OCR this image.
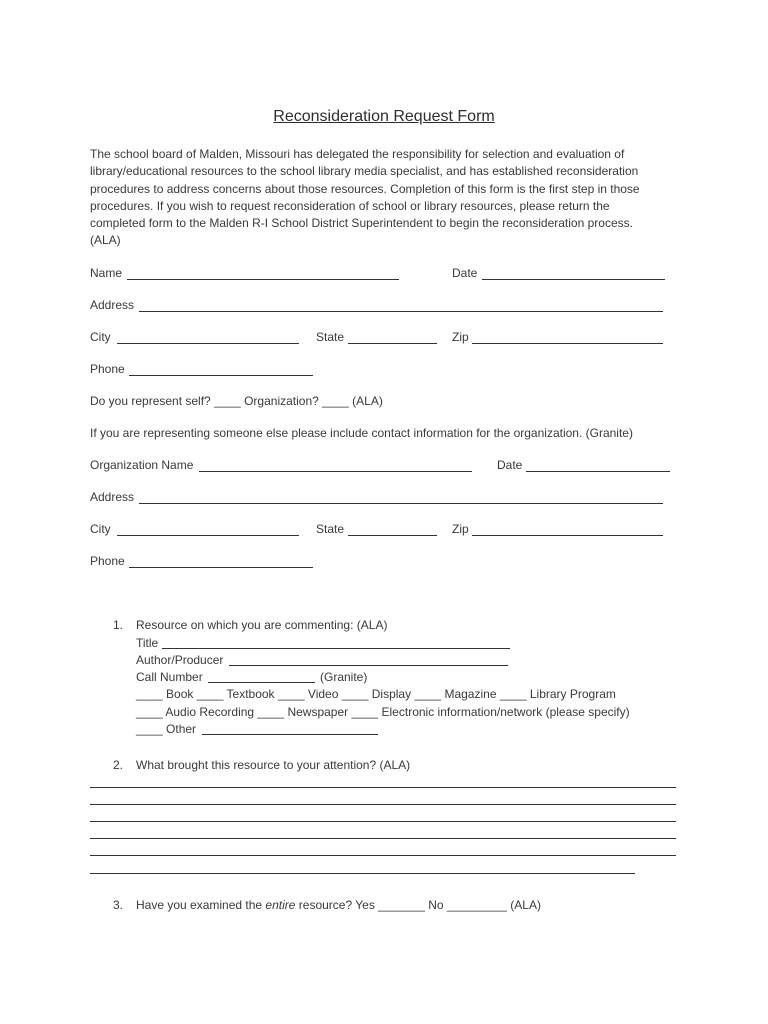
Reconsideration Request Form
The school board of Malden, Missouri has delegated the responsibility for selection and evaluation of library/educational resources to the school library media specialist, and has established reconsideration procedures to address concerns about those resources. Completion of this form is the first step in those procedures. If you wish to request reconsideration of school or library resources, please return the completed form to the Malden R-I School District Superintendent to begin the reconsideration process. (ALA)
Name	Date
Address
City	State	Zip
Phone
Do you represent self? ____ Organization? ____ (ALA)
If you are representing someone else please include contact information for the organization. (Granite)
Organization Name	Date
Address
City	State	Zip
Phone
1. Resource on which you are commenting: (ALA)
Title
Author/Producer
Call Number	(Granite)
____ Book ____ Textbook ____ Video ____ Display ____ Magazine ____ Library Program
____ Audio Recording ____ Newspaper ____ Electronic information/network (please specify)
____ Other
2. What brought this resource to your attention? (ALA)
3. Have you examined the entire resource? Yes _______ No _________ (ALA)
